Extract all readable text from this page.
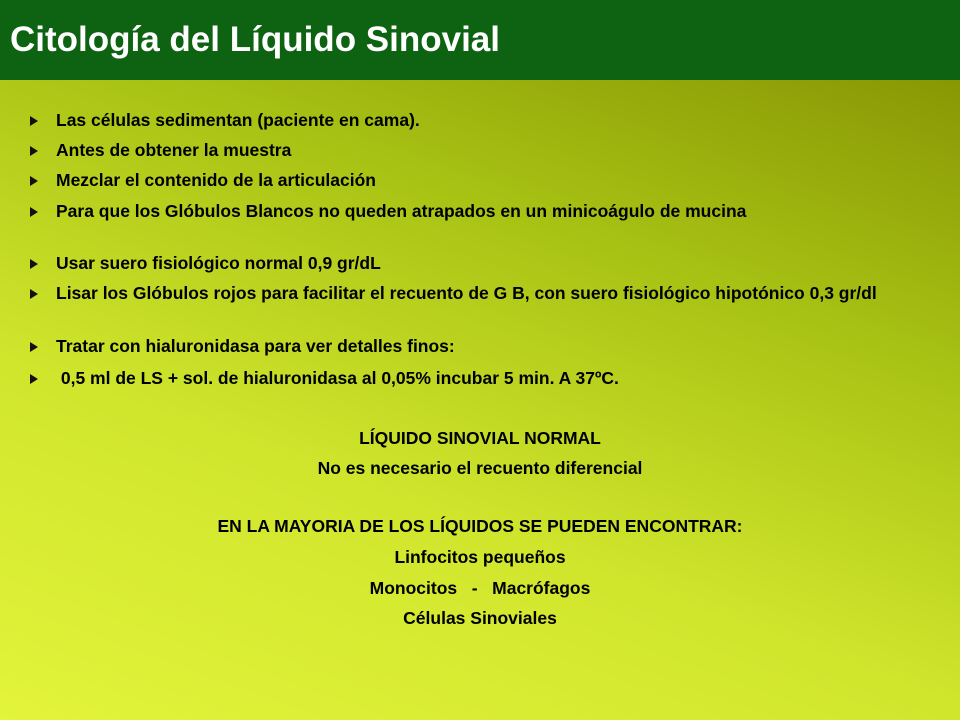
Citología del Líquido Sinovial
Las células sedimentan (paciente en cama).
Antes de obtener la muestra
Mezclar el contenido de la articulación
Para que los Glóbulos Blancos no queden atrapados en un minicoágulo de mucina
Usar suero fisiológico normal 0,9 gr/dL
Lisar los Glóbulos rojos para facilitar el recuento de G B, con suero fisiológico hipotónico 0,3 gr/dl
Tratar con hialuronidasa para ver detalles finos:
0,5 ml de LS + sol. de hialuronidasa al 0,05% incubar 5 min. A 37ºC.
LÍQUIDO SINOVIAL NORMAL
No es necesario el recuento diferencial
EN LA MAYORIA DE LOS LÍQUIDOS SE PUEDEN ENCONTRAR:
Linfocitos pequeños
Monocitos   -   Macrófagos
Células Sinoviales
